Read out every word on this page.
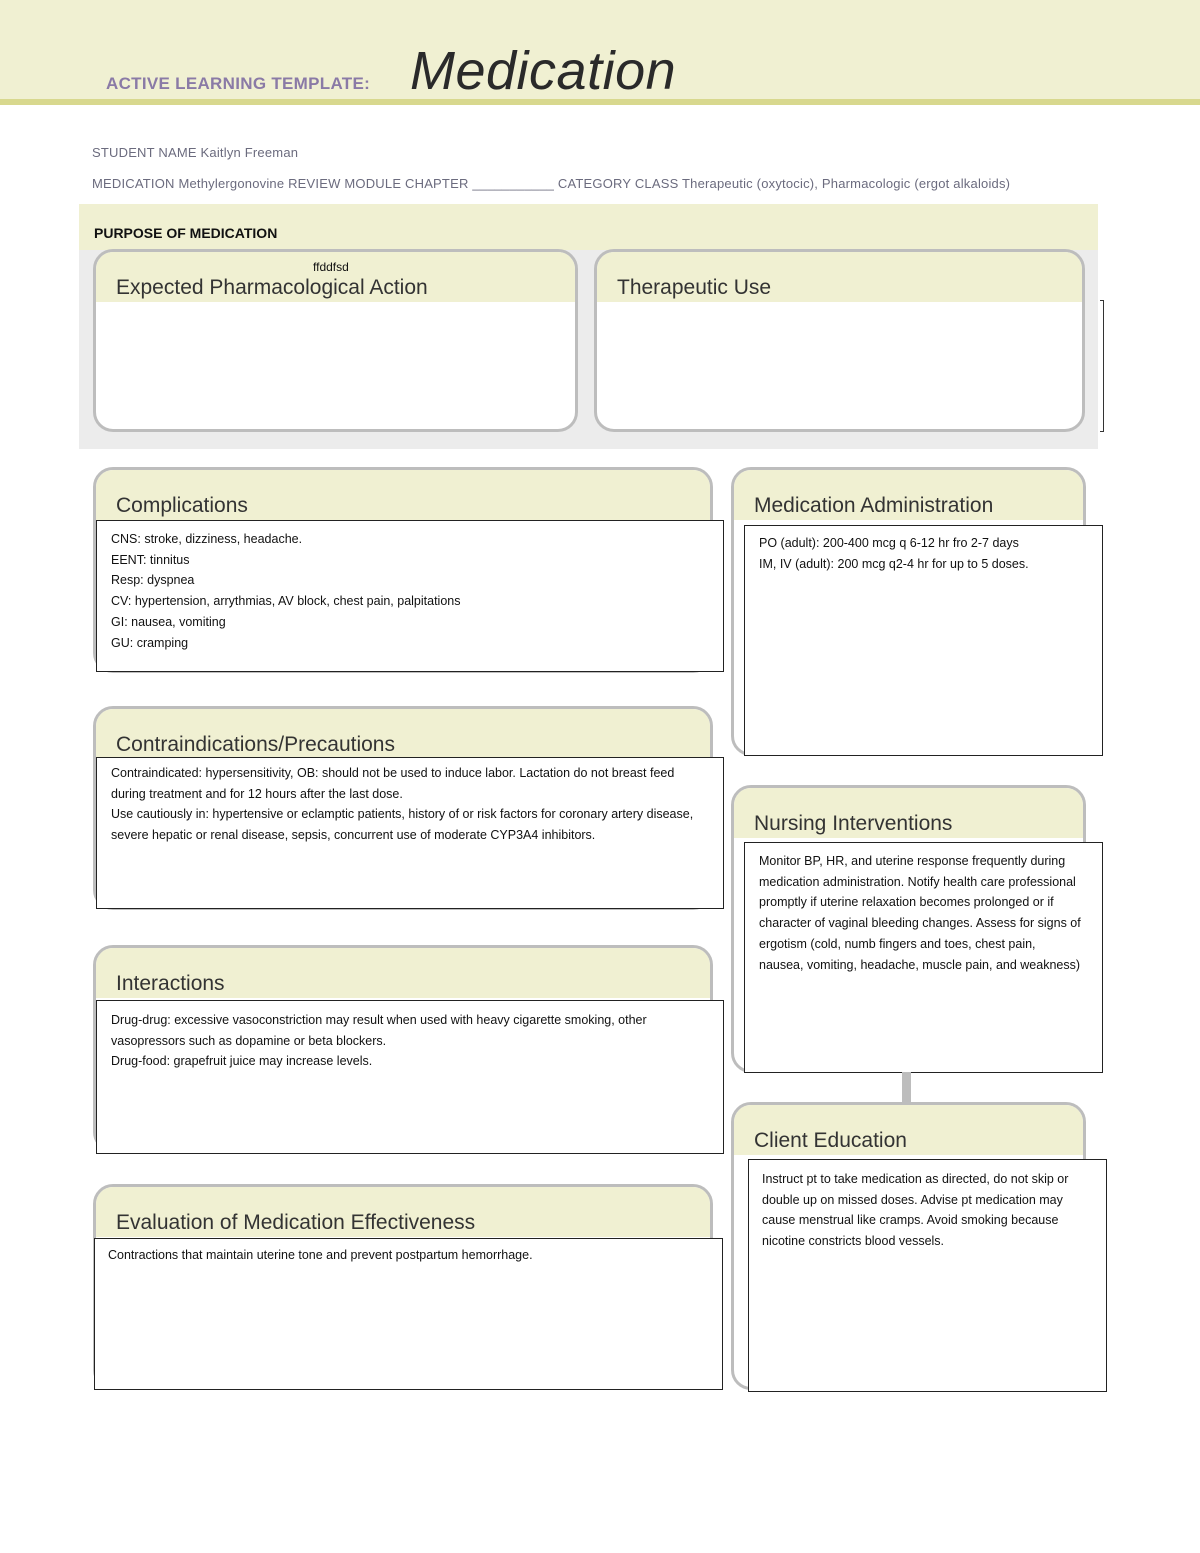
ACTIVE LEARNING TEMPLATE: Medication
STUDENT NAME Kaitlyn Freeman
MEDICATION Methylergonovine REVIEW MODULE CHAPTER ___________ CATEGORY CLASS Therapeutic (oxytocic), Pharmacologic (ergot alkaloids)
PURPOSE OF MEDICATION
Expected Pharmacological Action
ffddfsd
Therapeutic Use
Complications
CNS: stroke, dizziness, headache.
EENT: tinnitus
Resp: dyspnea
CV: hypertension, arrythmias, AV block, chest pain, palpitations
GI: nausea, vomiting
GU: cramping
Contraindications/Precautions

Contraindicated: hypersensitivity, OB: should not be used to induce labor. Lactation do not breast feed during treatment and for 12 hours after the last dose.

Use cautiously in: hypertensive or eclamptic patients, history of or risk factors for coronary artery disease, severe hepatic or renal disease, sepsis, concurrent use of moderate CYP3A4 inhibitors.

Interactions

Drug-drug: excessive vasoconstriction may result when used with heavy cigarette smoking, other vasopressors such as dopamine or beta blockers.

Drug-food: grapefruit juice may increase levels.

Evaluation of Medication Effectiveness
Contractions that maintain uterine tone and prevent postpartum hemorrhage.
Medication Administration
PO (adult): 200-400 mcg q 6-12 hr fro 2-7 days
IM, IV (adult): 200 mcg q2-4 hr for up to 5 doses.
Nursing Interventions

Monitor BP, HR, and uterine response frequently during medication administration. Notify health care professional promptly if uterine relaxation becomes prolonged or if character of vaginal bleeding changes. Assess for signs of ergotism (cold, numb fingers and toes, chest pain, nausea, vomiting, headache, muscle pain, and weakness)

Client Education

Instruct pt to take medication as directed, do not skip or double up on missed doses. Advise pt medication may cause menstrual like cramps. Avoid smoking because nicotine constricts blood vessels.
